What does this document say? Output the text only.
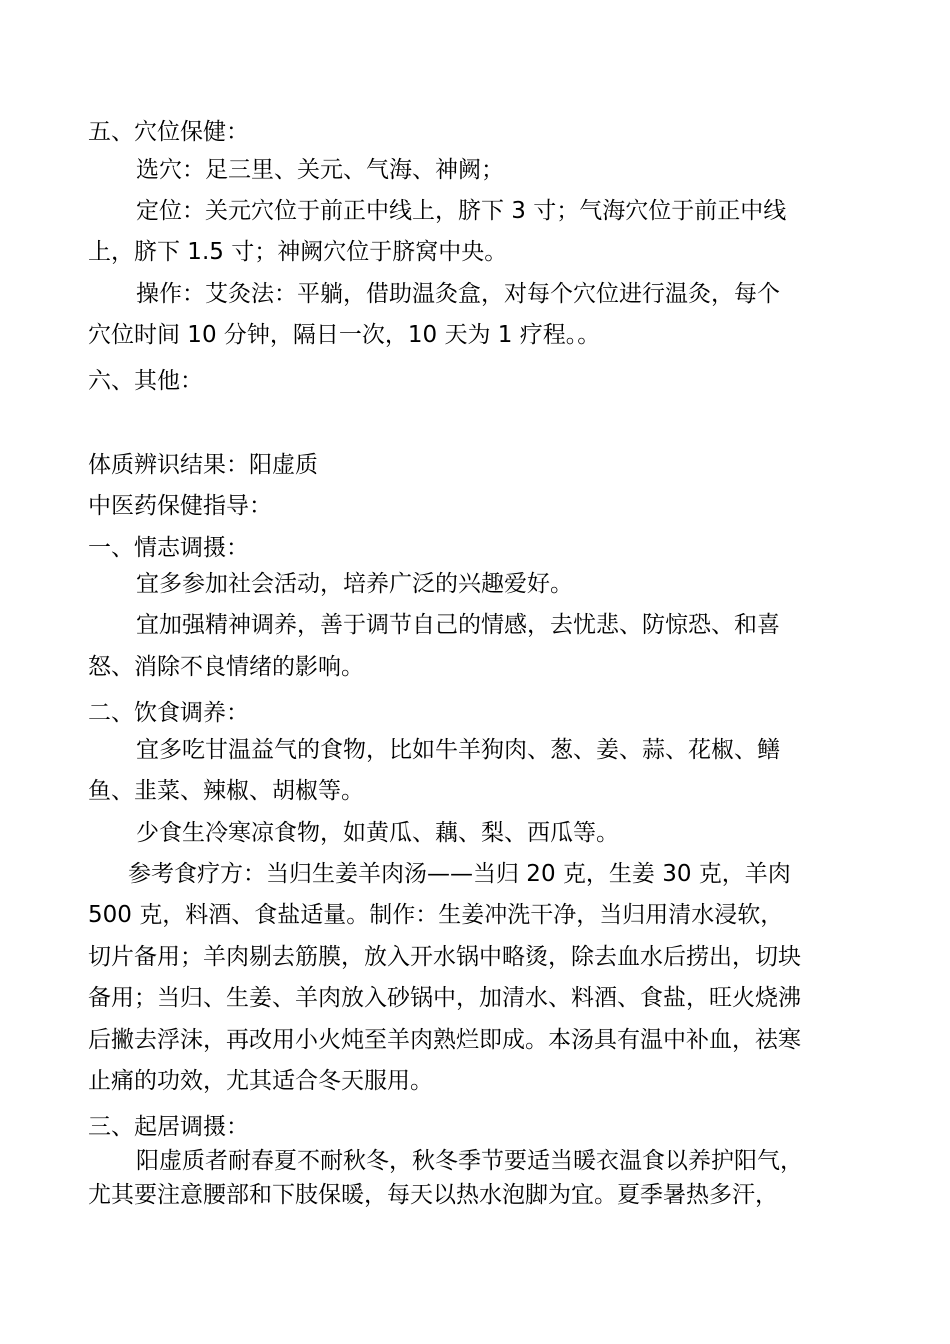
五、穴位保健：

选穴：足三里、关元、气海、神阙；

定位：关元穴位于前正中线上，脐下 3 寸；气海穴位于前正中线

上，脐下 1.5 寸；神阙穴位于脐窝中央。

操作：艾灸法：平躺，借助温灸盒，对每个穴位进行温灸，每个

穴位时间 10 分钟，隔日一次，10 天为 1 疗程。。

六、其他：

体质辨识结果：阳虚质

中医药保健指导：

一、情志调摄：

宜多参加社会活动，培养广泛的兴趣爱好。

宜加强精神调养，善于调节自己的情感，去忧悲、防惊恐、和喜

怒、消除不良情绪的影响。

二、饮食调养：

宜多吃甘温益气的食物，比如牛羊狗肉、葱、姜、蒜、花椒、鳝

鱼、韭菜、辣椒、胡椒等。

少食生冷寒凉食物，如黄瓜、藕、梨、西瓜等。

参考食疗方：当归生姜羊肉汤——当归 20 克，生姜 30 克，羊肉

500 克，料酒、食盐适量。制作：生姜冲洗干净，当归用清水浸软，

切片备用；羊肉剔去筋膜，放入开水锅中略烫，除去血水后捞出，切块

备用；当归、生姜、羊肉放入砂锅中，加清水、料酒、食盐，旺火烧沸

后撇去浮沫，再改用小火炖至羊肉熟烂即成。本汤具有温中补血，祛寒

止痛的功效，尤其适合冬天服用。

三、起居调摄：

阳虚质者耐春夏不耐秋冬，秋冬季节要适当暖衣温食以养护阳气，

尤其要注意腰部和下肢保暖，每天以热水泡脚为宜。夏季暑热多汗，
